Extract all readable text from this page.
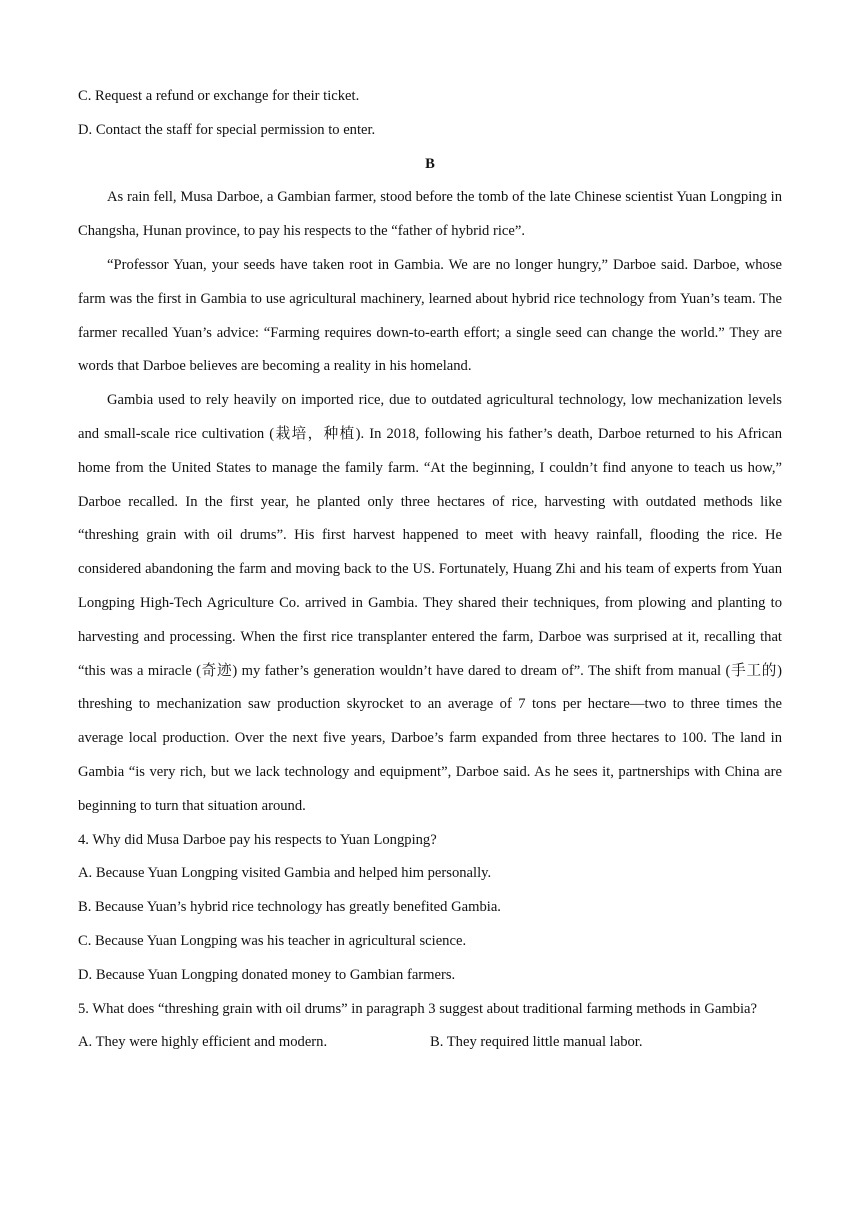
C. Request a refund or exchange for their ticket.

D. Contact the staff for special permission to enter.

B

As rain fell, Musa Darboe, a Gambian farmer, stood before the tomb of the late Chinese scientist Yuan Longping in Changsha, Hunan province, to pay his respects to the “father of hybrid rice”.

“Professor Yuan, your seeds have taken root in Gambia. We are no longer hungry,” Darboe said. Darboe, whose farm was the first in Gambia to use agricultural machinery, learned about hybrid rice technology from Yuan’s team. The farmer recalled Yuan’s advice: “Farming requires down-to-earth effort; a single seed can change the world.” They are words that Darboe believes are becoming a reality in his homeland.

Gambia used to rely heavily on imported rice, due to outdated agricultural technology, low mechanization levels and small-scale rice cultivation (栽培，种植). In 2018, following his father’s death, Darboe returned to his African home from the United States to manage the family farm. “At the beginning, I couldn’t find anyone to teach us how,” Darboe recalled. In the first year, he planted only three hectares of rice, harvesting with outdated methods like “threshing grain with oil drums”. His first harvest happened to meet with heavy rainfall, flooding the rice. He considered abandoning the farm and moving back to the US. Fortunately, Huang Zhi and his team of experts from Yuan Longping High-Tech Agriculture Co. arrived in Gambia. They shared their techniques, from plowing and planting to harvesting and processing. When the first rice transplanter entered the farm, Darboe was surprised at it, recalling that “this was a miracle (奇迹) my father’s generation wouldn’t have dared to dream of”. The shift from manual (手工的) threshing to mechanization saw production skyrocket to an average of 7 tons per hectare—two to three times the average local production. Over the next five years, Darboe’s farm expanded from three hectares to 100. The land in Gambia “is very rich, but we lack technology and equipment”, Darboe said. As he sees it, partnerships with China are beginning to turn that situation around.

4. Why did Musa Darboe pay his respects to Yuan Longping?

A. Because Yuan Longping visited Gambia and helped him personally.

B. Because Yuan’s hybrid rice technology has greatly benefited Gambia.

C. Because Yuan Longping was his teacher in agricultural science.

D. Because Yuan Longping donated money to Gambian farmers.

5. What does “threshing grain with oil drums” in paragraph 3 suggest about traditional farming methods in Gambia?

A. They were highly efficient and modern.	B. They required little manual labor.
